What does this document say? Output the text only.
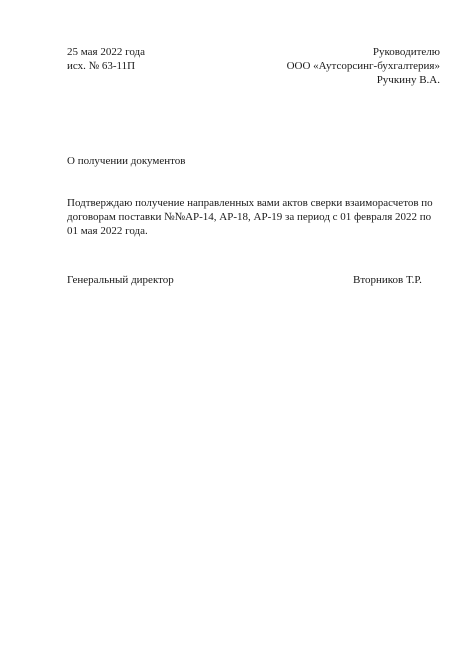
25 мая 2022 года
исх. № 63-11П
Руководителю
ООО «Аутсорсинг-бухгалтерия»
Ручкину В.А.
О получении документов
Подтверждаю получение направленных вами актов сверки взаиморасчетов по
договорам поставки №№АР-14, АР-18, АР-19 за период с 01 февраля 2022 по
01 мая 2022 года.
Генеральный директор	Вторников Т.Р.
